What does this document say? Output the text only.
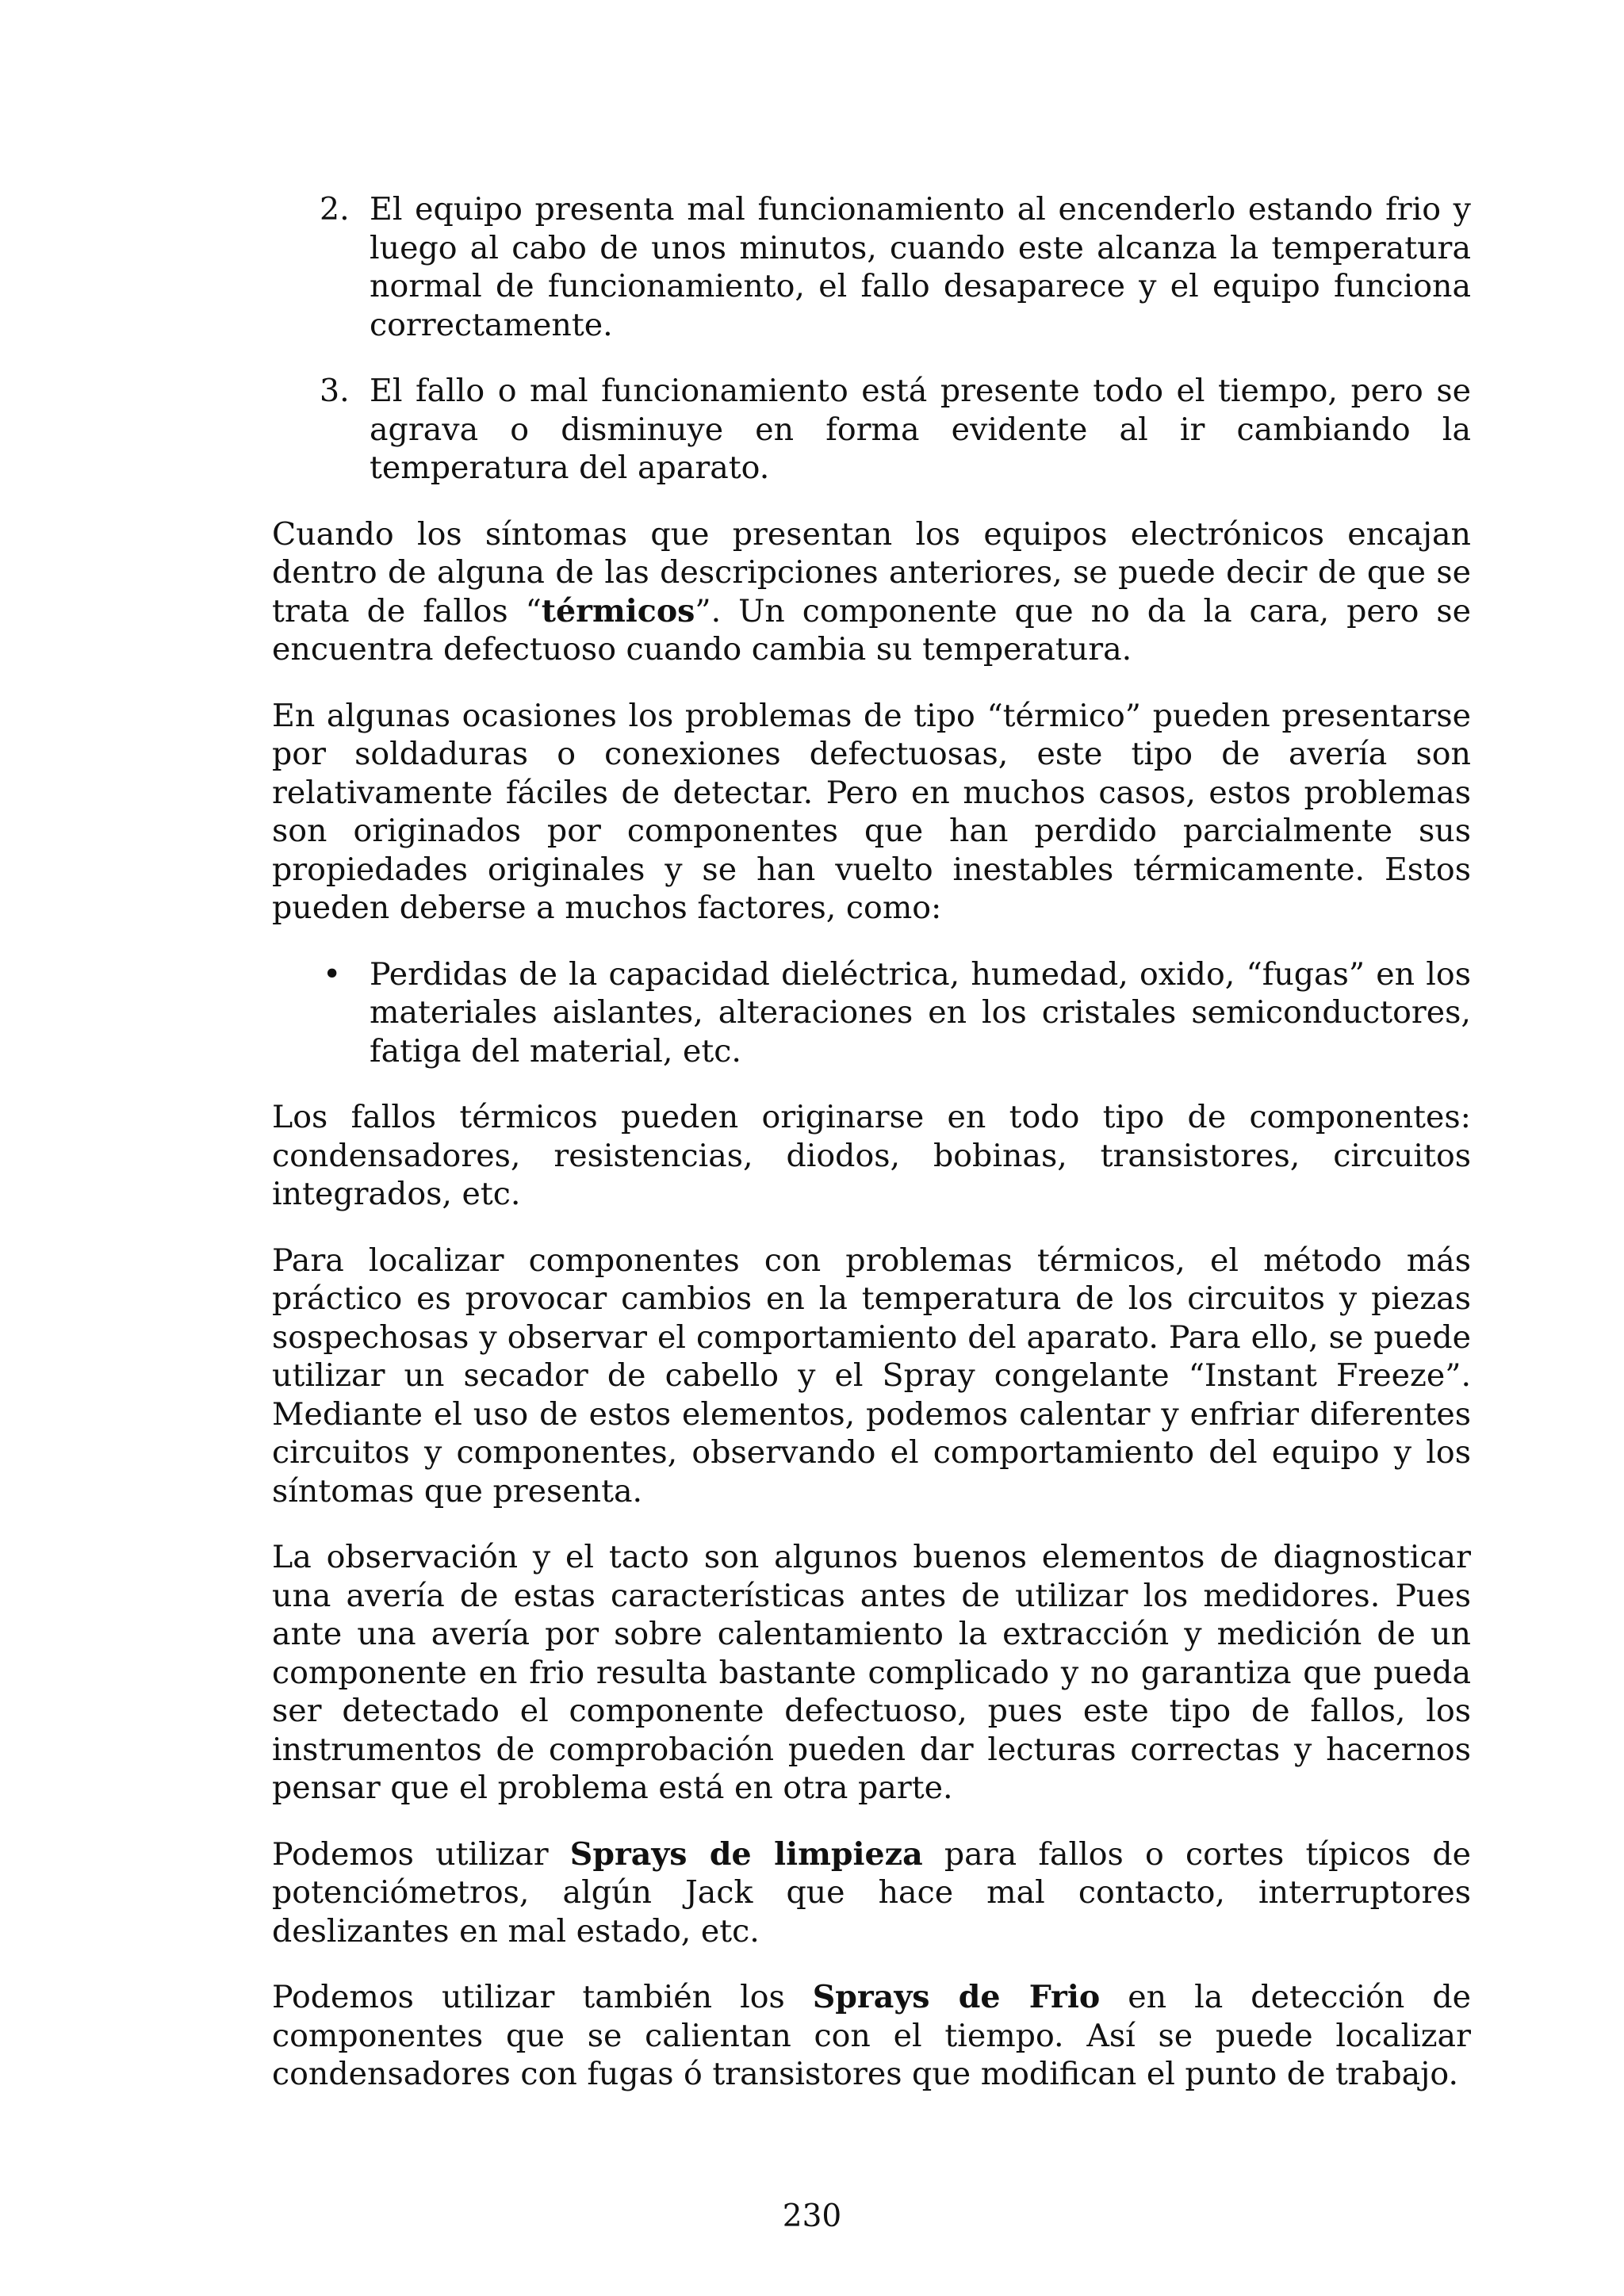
2. El equipo presenta mal funcionamiento al encenderlo estando frio y luego al cabo de unos minutos, cuando este alcanza la temperatura normal de funcionamiento, el fallo desaparece y el equipo funciona correctamente.
3. El fallo o mal funcionamiento está presente todo el tiempo, pero se agrava o disminuye en forma evidente al ir cambiando la temperatura del aparato.

Cuando los síntomas que presentan los equipos electrónicos encajan dentro de alguna de las descripciones anteriores, se puede decir de que se trata de fallos “térmicos”. Un componente que no da la cara, pero se encuentra defectuoso cuando cambia su temperatura.

En algunas ocasiones los problemas de tipo “térmico” pueden presentarse por soldaduras o conexiones defectuosas, este tipo de avería son relativamente fáciles de detectar. Pero en muchos casos, estos problemas son originados por componentes que han perdido parcialmente sus propiedades originales y se han vuelto inestables térmicamente. Estos pueden deberse a muchos factores, como:

• Perdidas de la capacidad dieléctrica, humedad, oxido, “fugas” en los materiales aislantes, alteraciones en los cristales semiconductores, fatiga del material, etc.

Los fallos térmicos pueden originarse en todo tipo de componentes: condensadores, resistencias, diodos, bobinas, transistores, circuitos integrados, etc.

Para localizar componentes con problemas térmicos, el método más práctico es provocar cambios en la temperatura de los circuitos y piezas sospechosas y observar el comportamiento del aparato. Para ello, se puede utilizar un secador de cabello y el Spray congelante “Instant Freeze”. Mediante el uso de estos elementos, podemos calentar y enfriar diferentes circuitos y componentes, observando el comportamiento del equipo y los síntomas que presenta.

La observación y el tacto son algunos buenos elementos de diagnosticar una avería de estas características antes de utilizar los medidores. Pues ante una avería por sobre calentamiento la extracción y medición de un componente en frio resulta bastante complicado y no garantiza que pueda ser detectado el componente defectuoso, pues este tipo de fallos, los instrumentos de comprobación pueden dar lecturas correctas y hacernos pensar que el problema está en otra parte.

Podemos utilizar Sprays de limpieza para fallos o cortes típicos de potenciómetros, algún Jack que hace mal contacto, interruptores deslizantes en mal estado, etc.

Podemos utilizar también los Sprays de Frio en la detección de componentes que se calientan con el tiempo. Así se puede localizar condensadores con fugas ó transistores que modifican el punto de trabajo.

230
